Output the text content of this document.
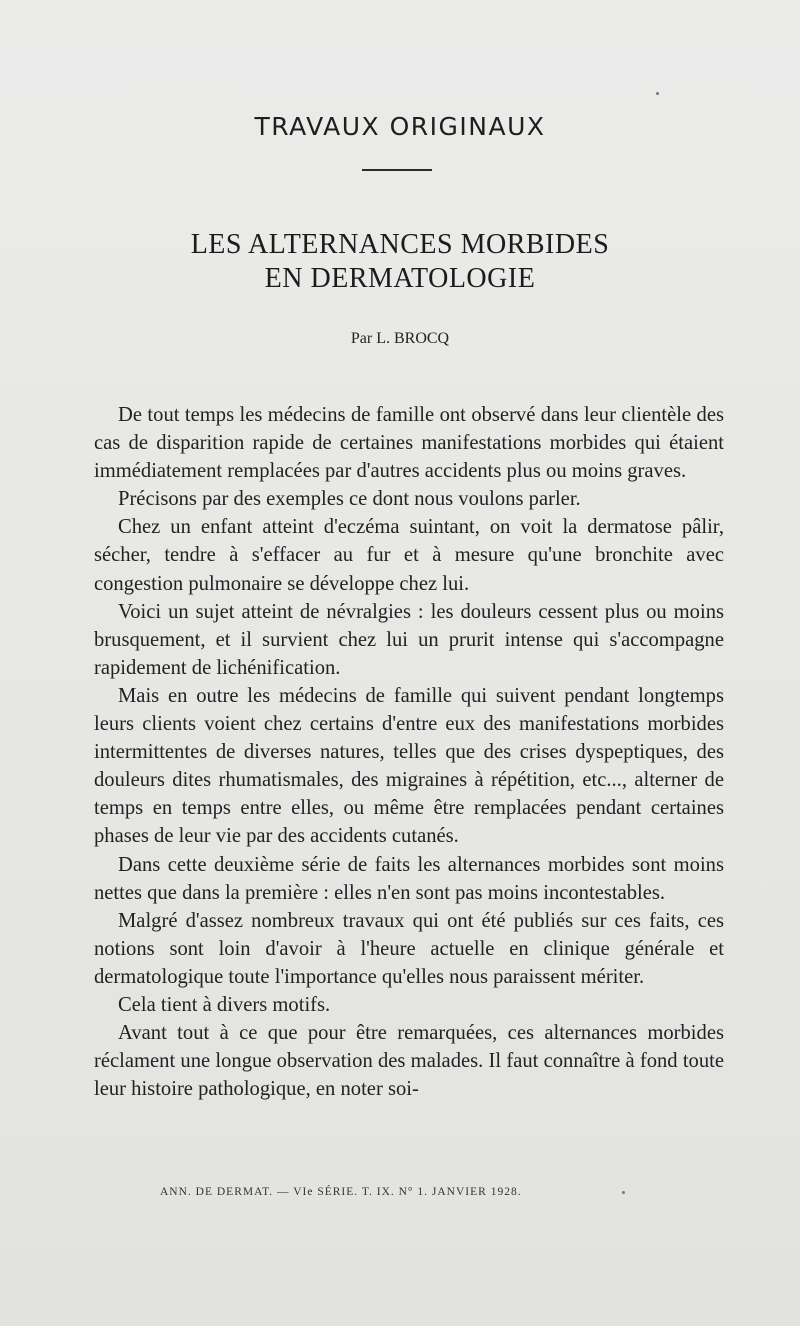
TRAVAUX ORIGINAUX
LES ALTERNANCES MORBIDES
EN DERMATOLOGIE
Par L. BROCQ

De tout temps les médecins de famille ont observé dans leur clientèle des cas de disparition rapide de certaines manifestations morbides qui étaient immédiatement remplacées par d'autres accidents plus ou moins graves.

Précisons par des exemples ce dont nous voulons parler.

Chez un enfant atteint d'eczéma suintant, on voit la dermatose pâlir, sécher, tendre à s'effacer au fur et à mesure qu'une bronchite avec congestion pulmonaire se développe chez lui.

Voici un sujet atteint de névralgies : les douleurs cessent plus ou moins brusquement, et il survient chez lui un prurit intense qui s'accompagne rapidement de lichénification.

Mais en outre les médecins de famille qui suivent pendant longtemps leurs clients voient chez certains d'entre eux des manifestations morbides intermittentes de diverses natures, telles que des crises dyspeptiques, des douleurs dites rhumatismales, des migraines à répétition, etc..., alterner de temps en temps entre elles, ou même être remplacées pendant certaines phases de leur vie par des accidents cutanés.

Dans cette deuxième série de faits les alternances morbides sont moins nettes que dans la première : elles n'en sont pas moins incontestables.

Malgré d'assez nombreux travaux qui ont été publiés sur ces faits, ces notions sont loin d'avoir à l'heure actuelle en clinique générale et dermatologique toute l'importance qu'elles nous paraissent mériter.

Cela tient à divers motifs.

Avant tout à ce que pour être remarquées, ces alternances morbides réclament une longue observation des malades. Il faut connaître à fond toute leur histoire pathologique, en noter soi-

ANN. DE DERMAT. — VIe SÉRIE. T. IX. N° 1. JANVIER 1928.
